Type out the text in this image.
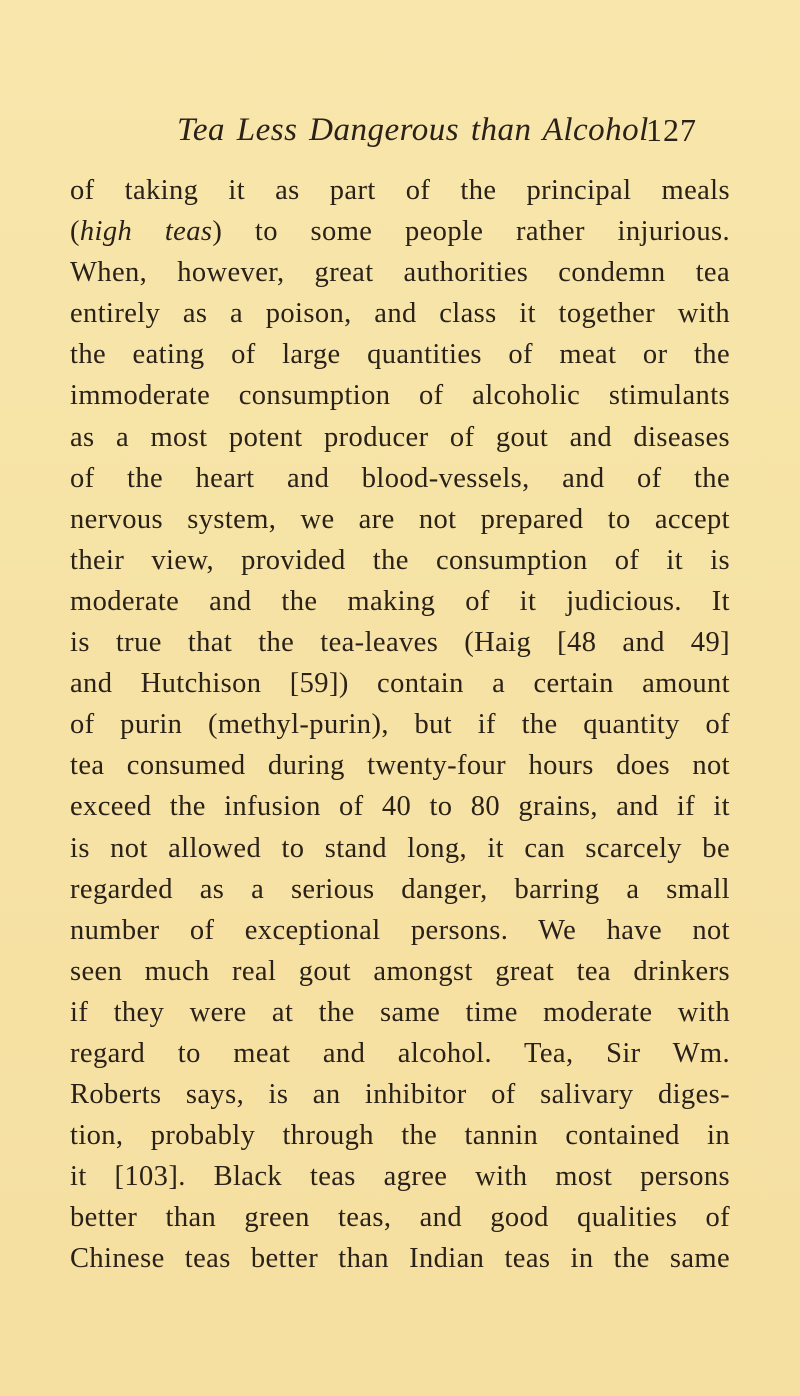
Tea Less Dangerous than Alcohol
127
of taking it as part of the principal meals
(high teas) to some people rather injurious.
When, however, great authorities condemn tea
entirely as a poison, and class it together with
the eating of large quantities of meat or the
immoderate consumption of alcoholic stimulants
as a most potent producer of gout and diseases
of the heart and blood-vessels, and of the
nervous system, we are not prepared to accept
their view, provided the consumption of it is
moderate and the making of it judicious. It
is true that the tea-leaves (Haig [48 and 49]
and Hutchison [59]) contain a certain amount
of purin (methyl-purin), but if the quantity of
tea consumed during twenty-four hours does not
exceed the infusion of 40 to 80 grains, and if it
is not allowed to stand long, it can scarcely be
regarded as a serious danger, barring a small
number of exceptional persons. We have not
seen much real gout amongst great tea drinkers
if they were at the same time moderate with
regard to meat and alcohol. Tea, Sir Wm.
Roberts says, is an inhibitor of salivary diges-
tion, probably through the tannin contained in
it [103]. Black teas agree with most persons
better than green teas, and good qualities of
Chinese teas better than Indian teas in the same
